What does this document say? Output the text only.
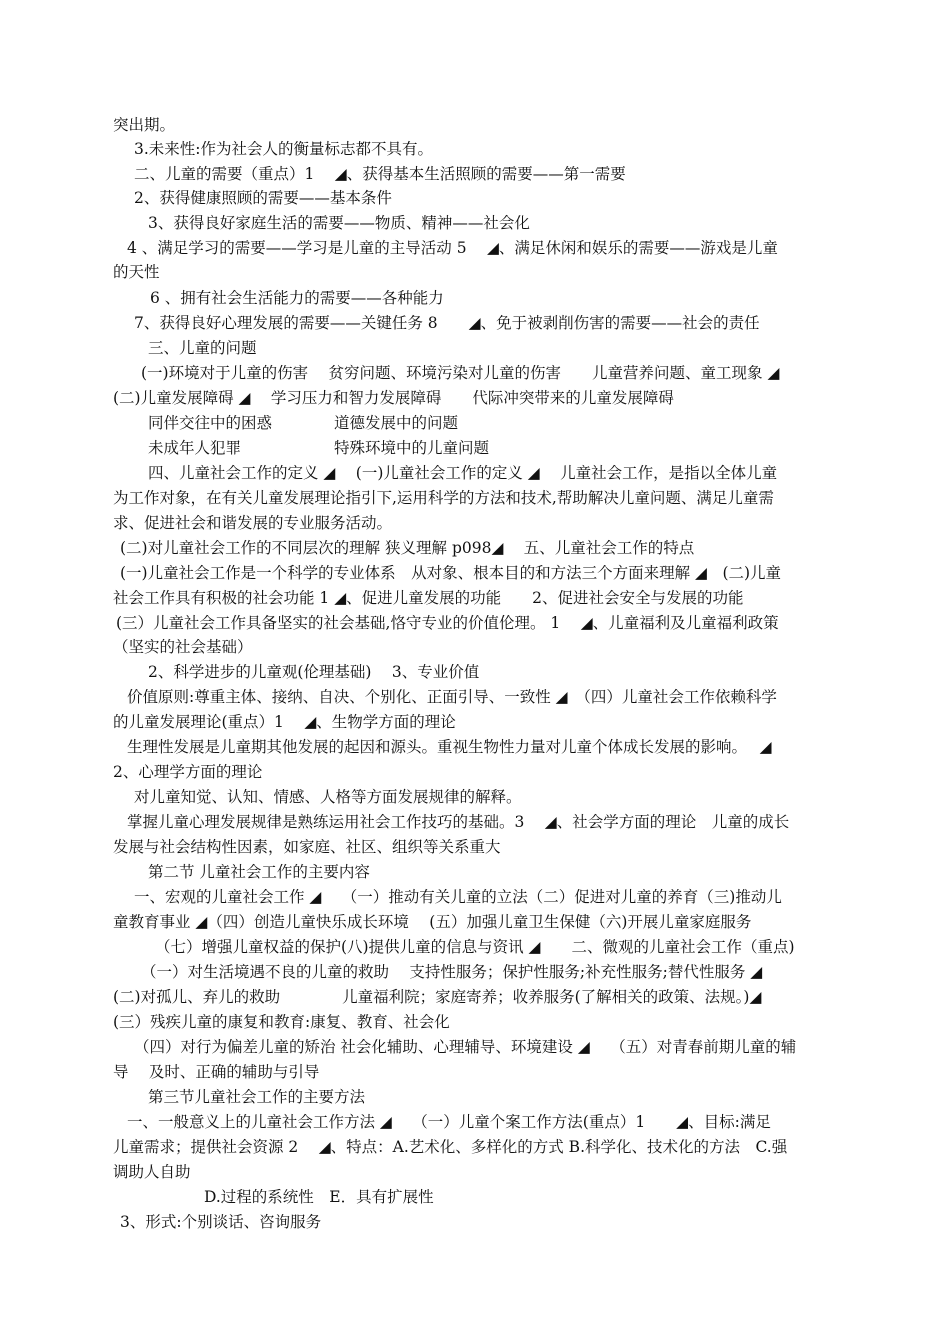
突出期。
3.未来性:作为社会人的衡量标志都不具有。
二、儿童的需要（重点）1　 ◢、获得基本生活照顾的需要——第一需要
2、获得健康照顾的需要——基本条件
3、获得良好家庭生活的需要——物质、精神——社会化
4 、满足学习的需要——学习是儿童的主导活动 5　 ◢、满足休闲和娱乐的需要——游戏是儿童
的天性
6 、拥有社会生活能力的需要——各种能力
7、获得良好心理发展的需要——关键任务 8　　◢、免于被剥削伤害的需要——社会的责任
三、儿童的问题
(一)环境对于儿童的伤害　 贫穷问题、环境污染对儿童的伤害　　儿童营养问题、童工现象 ◢
(二)儿童发展障碍 ◢　 学习压力和智力发展障碍　　代际冲突带来的儿童发展障碍
同伴交往中的困惑　　　　道德发展中的问题
未成年人犯罪　　　　　　特殊环境中的儿童问题
四、儿童社会工作的定义 ◢　 (一)儿童社会工作的定义 ◢　 儿童社会工作，是指以全体儿童
为工作对象，在有关儿童发展理论指引下,运用科学的方法和技术,帮助解决儿童问题、满足儿童需
求、促进社会和谐发展的专业服务活动。
(二)对儿童社会工作的不同层次的理解 狭义理解 p098◢　 五、儿童社会工作的特点
(一)儿童社会工作是一个科学的专业体系　从对象、根本目的和方法三个方面来理解 ◢　(二)儿童
社会工作具有积极的社会功能 1 ◢、促进儿童发展的功能　　2、促进社会安全与发展的功能
(三）儿童社会工作具备坚实的社会基础,恪守专业的价值伦理。 1　 ◢、儿童福利及儿童福利政策
（坚实的社会基础）
2、科学进步的儿童观(伦理基础)　 3、专业价值
价值原则:尊重主体、接纳、自决、个别化、正面引导、一致性 ◢　（四）儿童社会工作依赖科学
的儿童发展理论(重点）1　 ◢、生物学方面的理论
生理性发展是儿童期其他发展的起因和源头。重视生物性力量对儿童个体成长发展的影响。　 ◢
2、心理学方面的理论
对儿童知觉、认知、情感、人格等方面发展规律的解释。
掌握儿童心理发展规律是熟练运用社会工作技巧的基础。3　 ◢、社会学方面的理论　儿童的成长
发展与社会结构性因素，如家庭、社区、组织等关系重大
第二节 儿童社会工作的主要内容
一、宏观的儿童社会工作 ◢　 （一）推动有关儿童的立法（二）促进对儿童的养育（三)推动儿
童教育事业 ◢（四）创造儿童快乐成长环境　 (五）加强儿童卫生保健（六)开展儿童家庭服务
（七）增强儿童权益的保护(八)提供儿童的信息与资讯 ◢　　二、微观的儿童社会工作（重点)
（一）对生活境遇不良的儿童的救助　 支持性服务；保护性服务;补充性服务;替代性服务 ◢
(二)对孤儿、弃儿的救助　　　　儿童福利院；家庭寄养；收养服务(了解相关的政策、法规。)◢
(三）残疾儿童的康复和教育:康复、教育、社会化
（四）对行为偏差儿童的矫治 社会化辅助、心理辅导、环境建设 ◢　 （五）对青春前期儿童的辅
导　 及时、正确的辅助与引导
第三节儿童社会工作的主要方法
一、一般意义上的儿童社会工作方法 ◢　 （一）儿童个案工作方法(重点）1　　◢、目标:满足
儿童需求；提供社会资源 2　 ◢、特点：A.艺术化、多样化的方式 B.科学化、技术化的方法　C.强
调助人自助
D.过程的系统性　E．具有扩展性
3、形式:个别谈话、咨询服务
